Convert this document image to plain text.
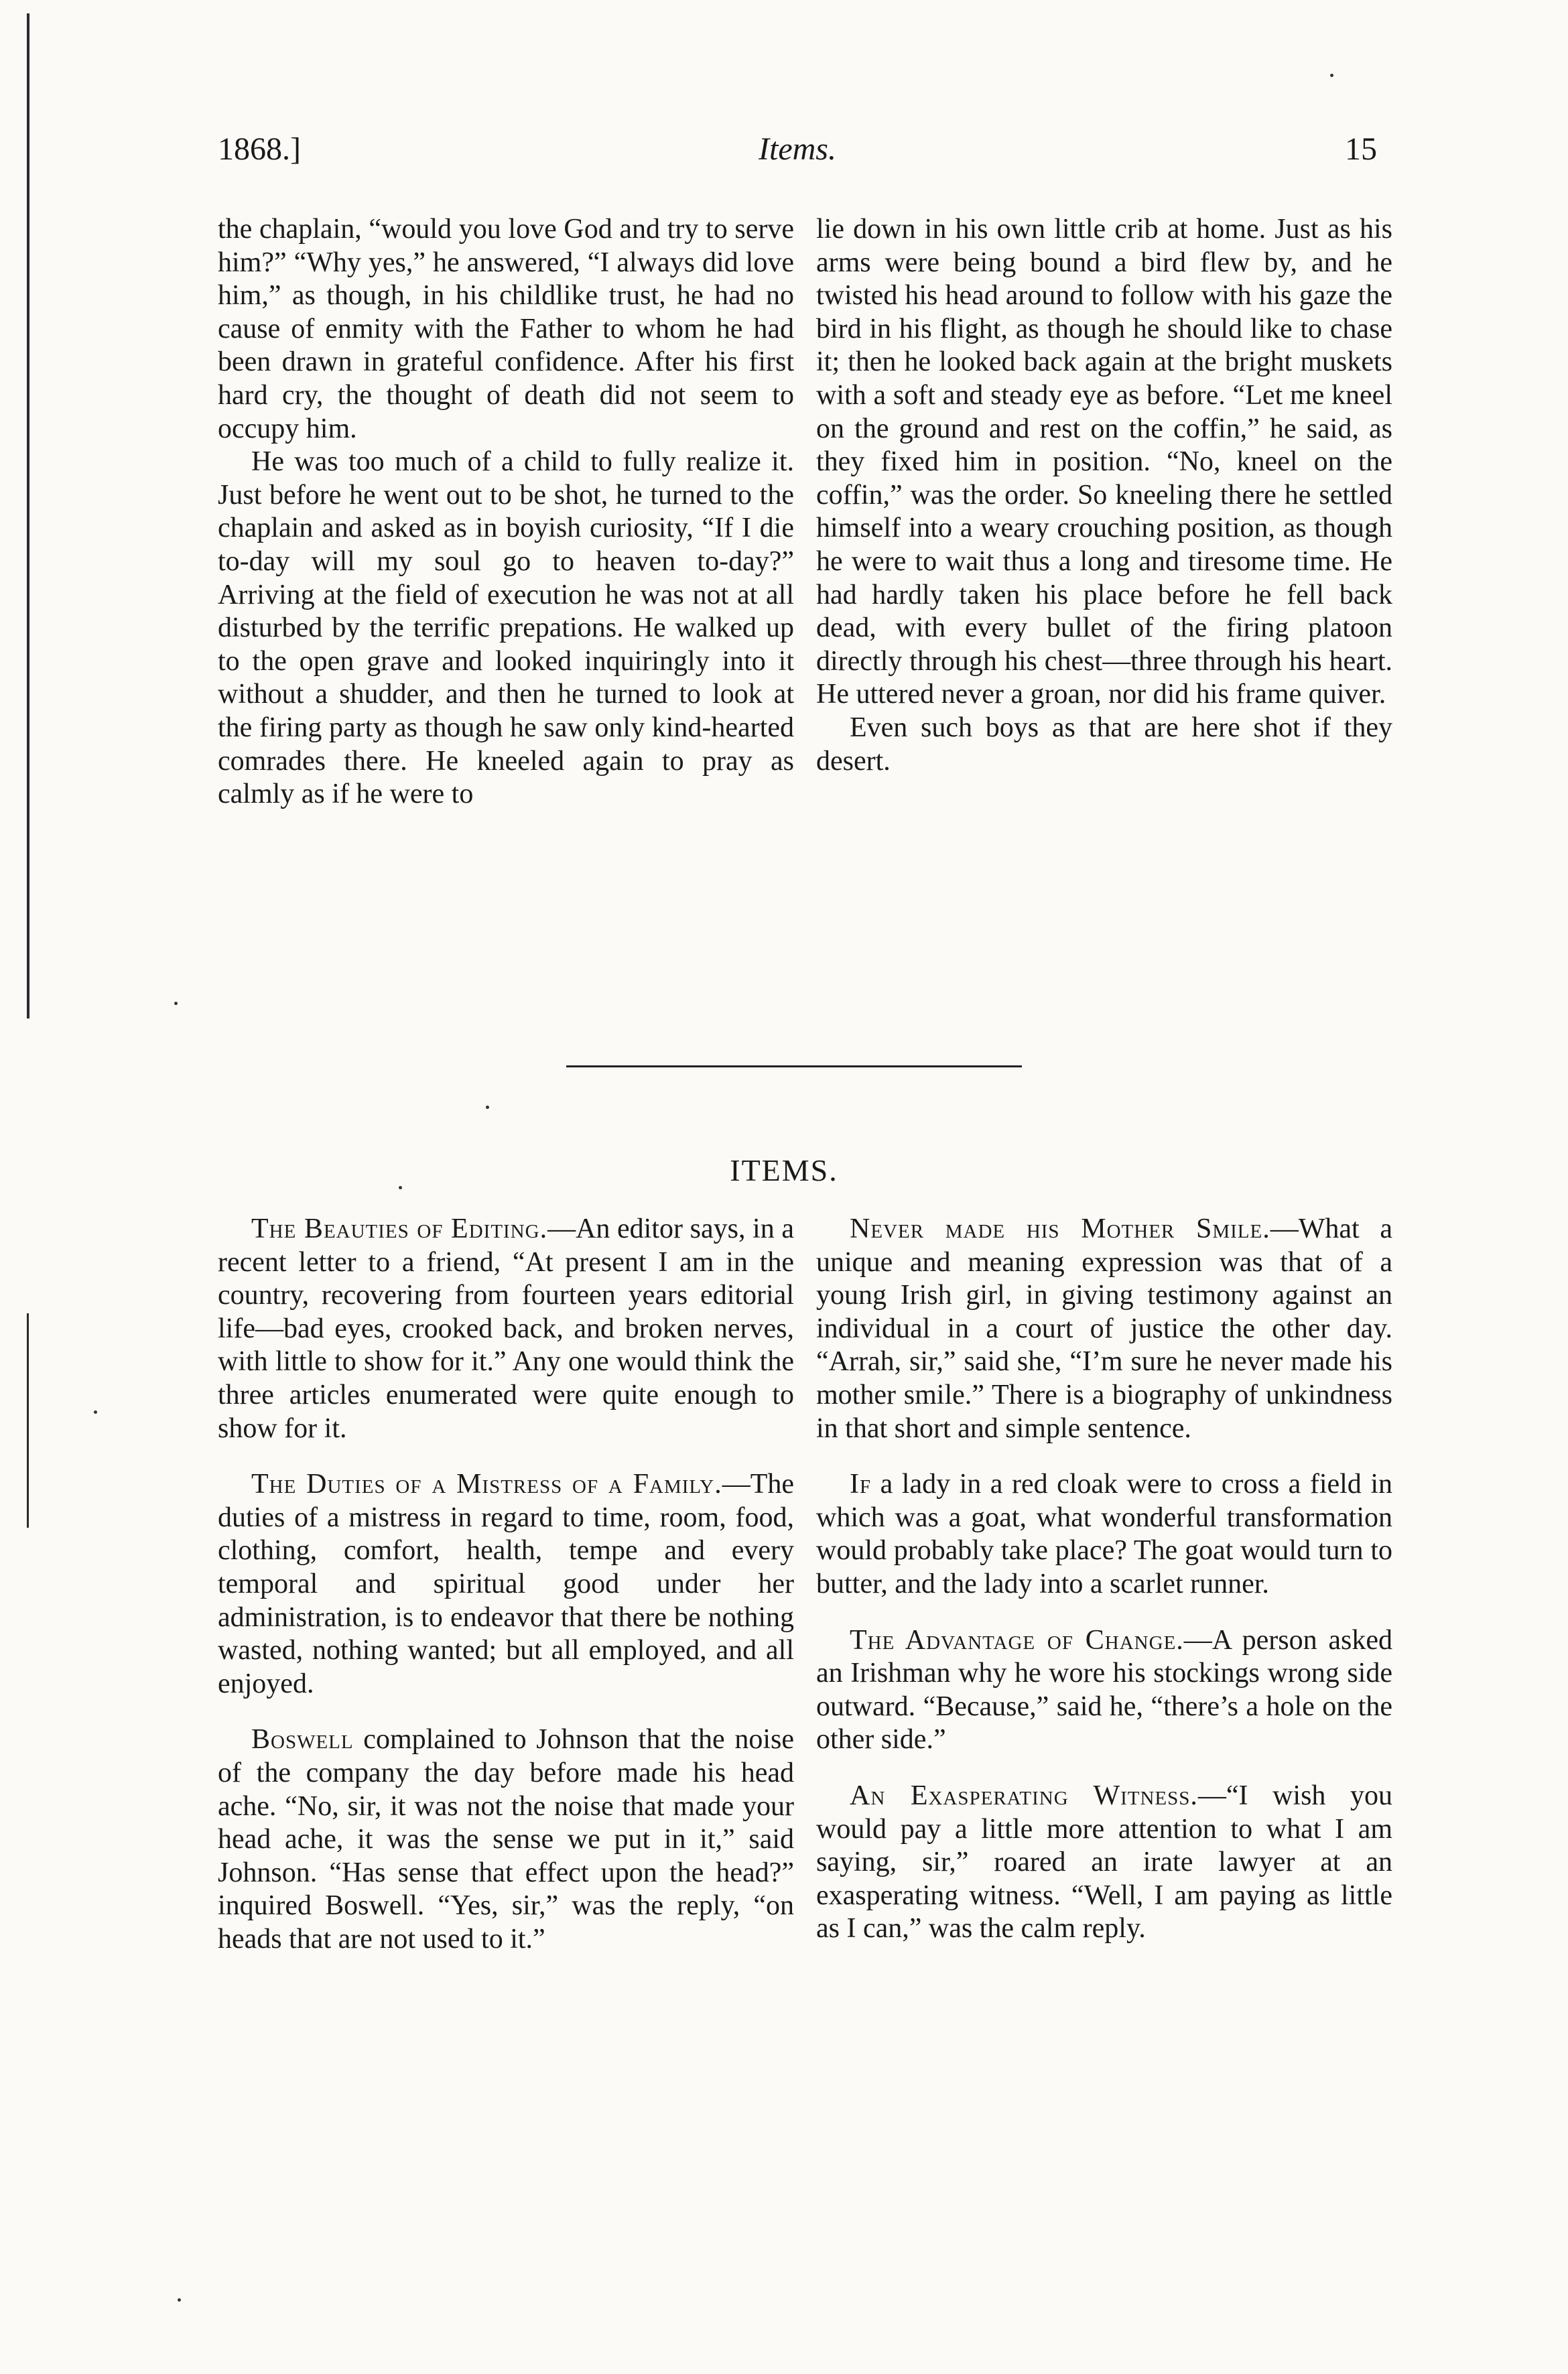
1868.]	Items.	15

the chaplain, “would you love God and try to serve him?” “Why yes,” he answered, “I always did love him,” as though, in his childlike trust, he had no cause of enmity with the Father to whom he had been drawn in grateful confidence. After his first hard cry, the thought of death did not seem to occupy him.

He was too much of a child to fully realize it. Just before he went out to be shot, he turned to the chaplain and asked as in boyish curiosity, “If I die to-day will my soul go to heaven to-day?” Arriving at the field of execution he was not at all disturbed by the terrific prepations. He walked up to the open grave and looked inquiringly into it without a shudder, and then he turned to look at the firing party as though he saw only kind-hearted comrades there. He kneeled again to pray as calmly as if he were to

lie down in his own little crib at home. Just as his arms were being bound a bird flew by, and he twisted his head around to follow with his gaze the bird in his flight, as though he should like to chase it; then he looked back again at the bright muskets with a soft and steady eye as before. “Let me kneel on the ground and rest on the coffin,” he said, as they fixed him in position. “No, kneel on the coffin,” was the order. So kneeling there he settled himself into a weary crouching position, as though he were to wait thus a long and tiresome time. He had hardly taken his place before he fell back dead, with every bullet of the firing platoon directly through his chest—three through his heart. He uttered never a groan, nor did his frame quiver.

Even such boys as that are here shot if they desert.

ITEMS.

The Beauties of Editing.—An editor says, in a recent letter to a friend, “At present I am in the country, recovering from fourteen years editorial life—bad eyes, crooked back, and broken nerves, with little to show for it.” Any one would think the three articles enumerated were quite enough to show for it.

The Duties of a Mistress of a Family.—The duties of a mistress in regard to time, room, food, clothing, comfort, health, tempe and every temporal and spiritual good under her administration, is to endeavor that there be nothing wasted, nothing wanted; but all employed, and all enjoyed.

Boswell complained to Johnson that the noise of the company the day before made his head ache. “No, sir, it was not the noise that made your head ache, it was the sense we put in it,” said Johnson. “Has sense that effect upon the head?” inquired Boswell. “Yes, sir,” was the reply, “on heads that are not used to it.”

Never made his Mother Smile.—What a unique and meaning expression was that of a young Irish girl, in giving testimony against an individual in a court of justice the other day. “Arrah, sir,” said she, “I’m sure he never made his mother smile.” There is a biography of unkindness in that short and simple sentence.

If a lady in a red cloak were to cross a field in which was a goat, what wonderful transformation would probably take place? The goat would turn to butter, and the lady into a scarlet runner.

The Advantage of Change.—A person asked an Irishman why he wore his stockings wrong side outward. “Because,” said he, “there’s a hole on the other side.”

An Exasperating Witness.—“I wish you would pay a little more attention to what I am saying, sir,” roared an irate lawyer at an exasperating witness. “Well, I am paying as little as I can,” was the calm reply.
